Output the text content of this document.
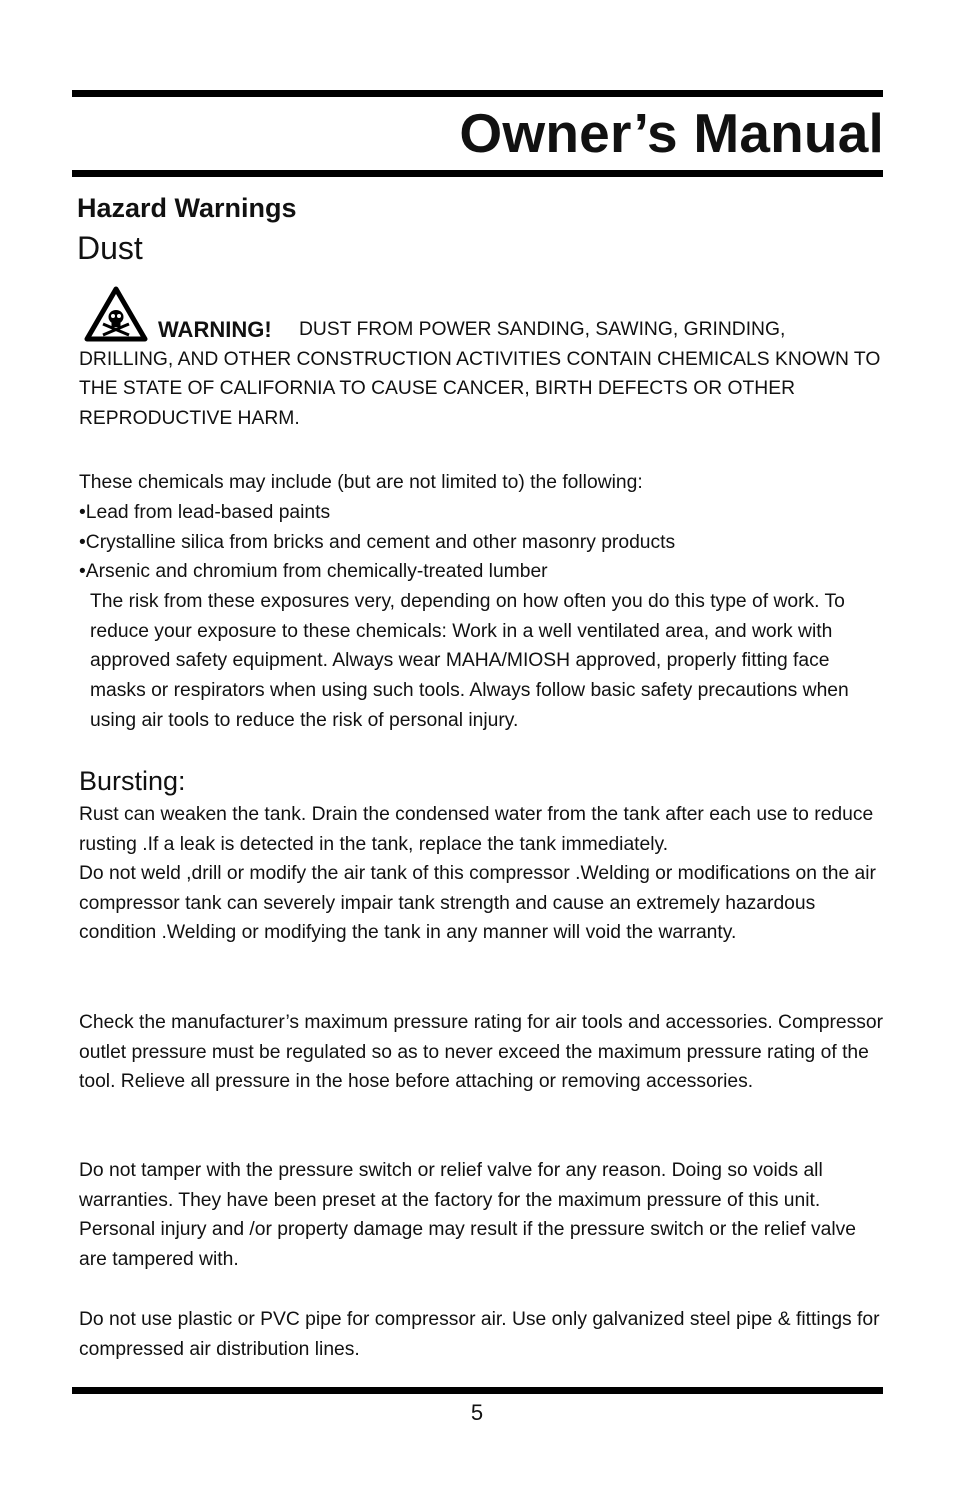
Owner’s Manual
Hazard Warnings
Dust
WARNING!	DUST FROM POWER SANDING, SAWING, GRINDING, DRILLING, AND OTHER CONSTRUCTION ACTIVITIES CONTAIN CHEMICALS KNOWN TO THE STATE OF CALIFORNIA TO CAUSE CANCER, BIRTH DEFECTS OR OTHER REPRODUCTIVE HARM.

These chemicals may include (but are not limited to) the following:

• Lead from lead-based paints
• Crystalline silica from bricks and cement and other masonry products
• Arsenic and chromium from chemically-treated lumber

The risk from these exposures very, depending on how often you do this type of work. To reduce your exposure to these chemicals: Work in a well ventilated area, and work with approved safety equipment. Always wear MAHA/MIOSH approved, properly fitting face masks or respirators when using such tools. Always follow basic safety precautions when using air tools to reduce the risk of personal injury.

Bursting:

Rust can weaken the tank. Drain the condensed water from the tank after each use to reduce rusting .If a leak is detected in the tank, replace the tank immediately.

Do not weld ,drill or modify the air tank of this compressor .Welding or modifications on the air compressor tank can severely impair tank strength and cause an extremely hazardous condition .Welding or modifying the tank in any manner will void the warranty.

Check the manufacturer’s maximum pressure rating for air tools and accessories. Compressor outlet pressure must be regulated so as to never exceed the maximum pressure rating of the tool. Relieve all pressure in the hose before attaching or removing accessories.

Do not tamper with the pressure switch or relief valve for any reason. Doing so voids all warranties. They have been preset at the factory for the maximum pressure of this unit. Personal injury and /or property damage may result if the pressure switch or the relief valve are tampered with.

Do not use plastic or PVC pipe for compressor air. Use only galvanized steel pipe & fittings for compressed air distribution lines.

5
